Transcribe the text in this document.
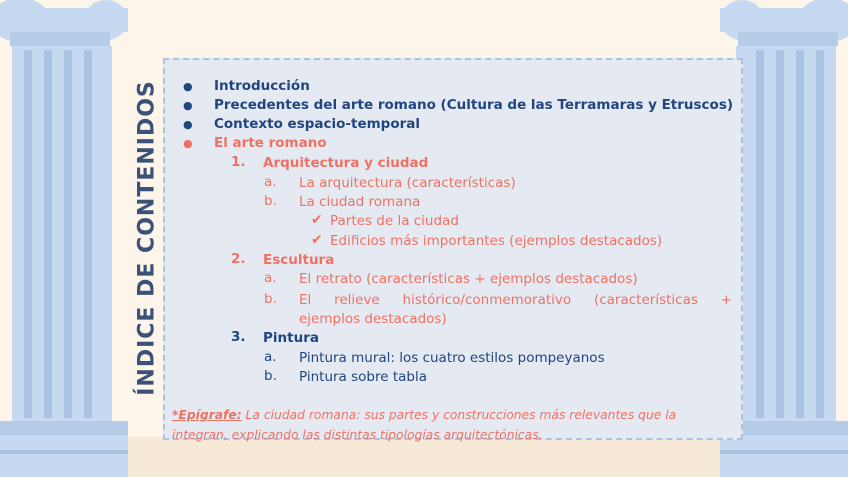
ÍNDICE DE CONTENIDOS ● Introducción
● Precedentes del arte romano (Cultura de las Terramaras y Etruscos)
● Contexto espacio-temporal
● El arte romano
1. Arquitectura y ciudad
a. La arquitectura (características)
b. La ciudad romana
✔ Partes de la ciudad
✔ Edificios más importantes (ejemplos destacados)
2. Escultura
a. El retrato (características + ejemplos destacados)
b. El relieve histórico/conmemorativo (características +
ejemplos destacados)
3. Pintura
a. Pintura mural: los cuatro estilos pompeyanos
b. Pintura sobre tabla
*Epígrafe: La ciudad romana: sus partes y construcciones más relevantes que la
integran, explicando las distintas tipologías arquitectónicas.
